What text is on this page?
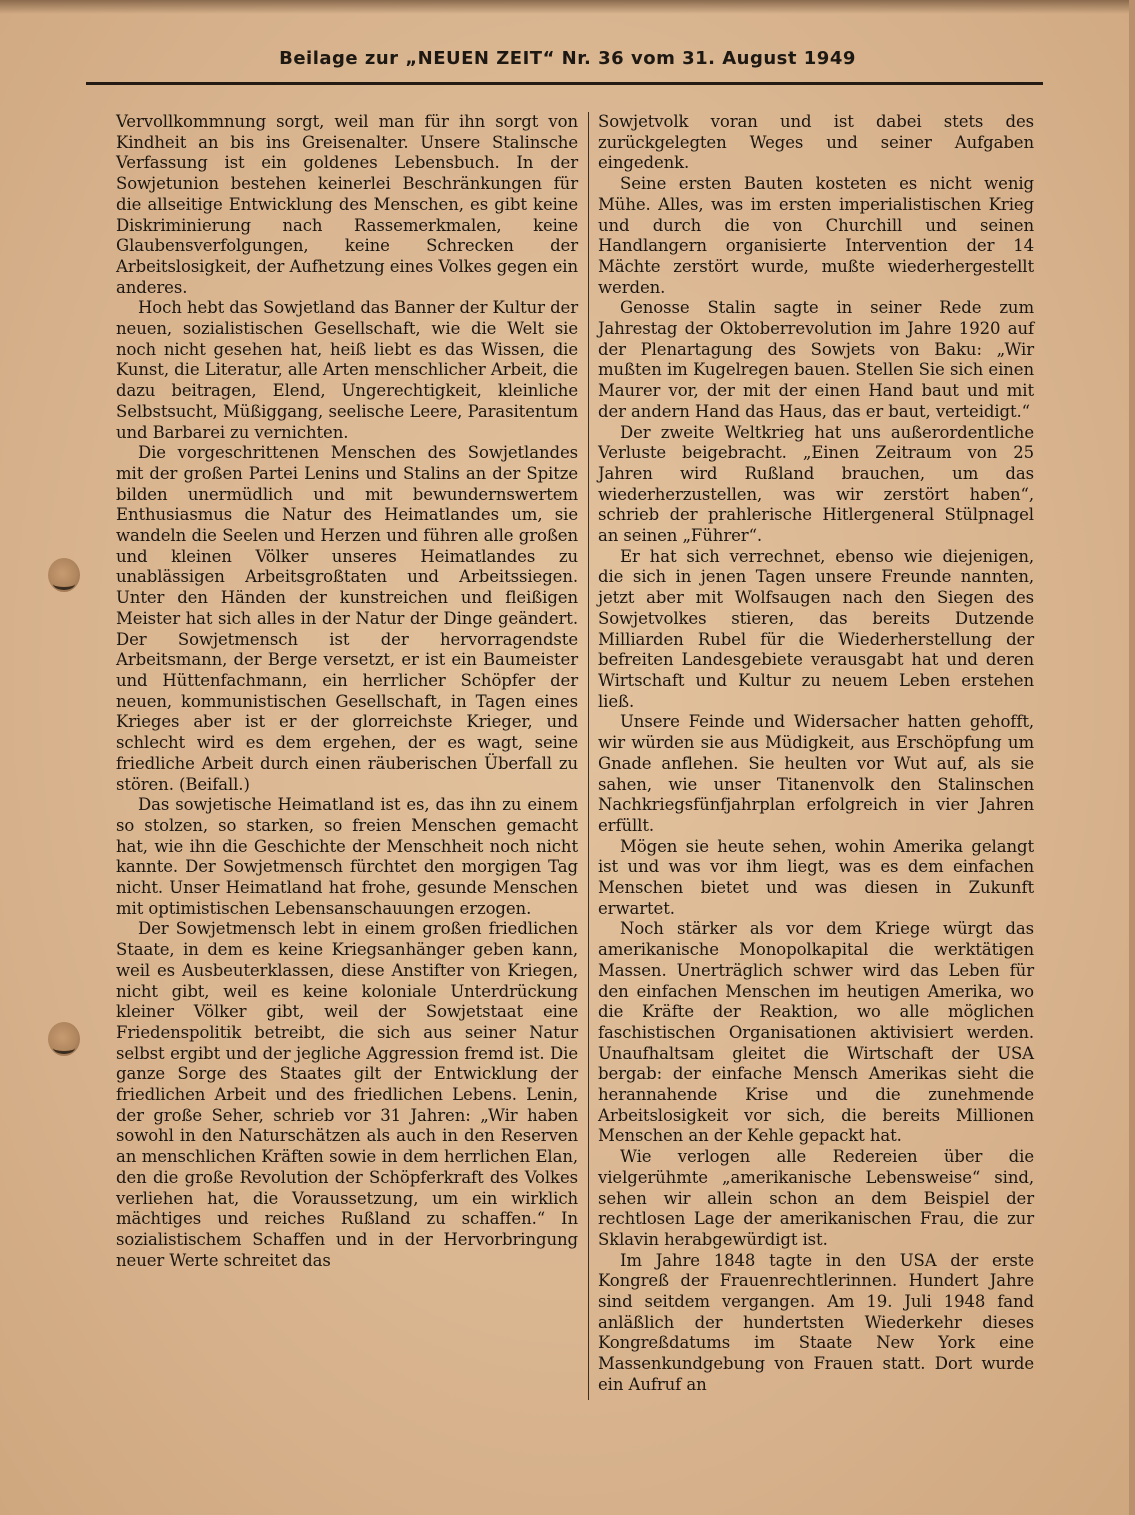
Beilage zur „NEUEN ZEIT“ Nr. 36 vom 31. August 1949

Vervollkommnung sorgt, weil man für ihn sorgt von Kindheit an bis ins Greisenalter. Unsere Stalinsche Verfassung ist ein goldenes Lebensbuch. In der Sowjetunion bestehen keinerlei Beschränkungen für die allseitige Entwicklung des Menschen, es gibt keine Diskriminierung nach Rassemerkmalen, keine Glaubensverfolgungen, keine Schrecken der Arbeitslosigkeit, der Aufhetzung eines Volkes gegen ein anderes.

Hoch hebt das Sowjetland das Banner der Kultur der neuen, sozialistischen Gesellschaft, wie die Welt sie noch nicht gesehen hat, heiß liebt es das Wissen, die Kunst, die Literatur, alle Arten menschlicher Arbeit, die dazu beitragen, Elend, Ungerechtigkeit, kleinliche Selbstsucht, Müßiggang, seelische Leere, Parasitentum und Barbarei zu vernichten.

Die vorgeschrittenen Menschen des Sowjetlandes mit der großen Partei Lenins und Stalins an der Spitze bilden unermüdlich und mit bewundernswertem Enthusiasmus die Natur des Heimatlandes um, sie wandeln die Seelen und Herzen und führen alle großen und kleinen Völker unseres Heimatlandes zu unablässigen Arbeitsgroßtaten und Arbeitssiegen. Unter den Händen der kunstreichen und fleißigen Meister hat sich alles in der Natur der Dinge geändert. Der Sowjetmensch ist der hervorragendste Arbeitsmann, der Berge versetzt, er ist ein Baumeister und Hüttenfachmann, ein herrlicher Schöpfer der neuen, kommunistischen Gesellschaft, in Tagen eines Krieges aber ist er der glorreichste Krieger, und schlecht wird es dem ergehen, der es wagt, seine friedliche Arbeit durch einen räuberischen Überfall zu stören. (Beifall.)

Das sowjetische Heimatland ist es, das ihn zu einem so stolzen, so starken, so freien Menschen gemacht hat, wie ihn die Geschichte der Menschheit noch nicht kannte. Der Sowjetmensch fürchtet den morgigen Tag nicht. Unser Heimatland hat frohe, gesunde Menschen mit optimistischen Lebensanschauungen erzogen.

Der Sowjetmensch lebt in einem großen friedlichen Staate, in dem es keine Kriegsanhänger geben kann, weil es Ausbeuterklassen, diese Anstifter von Kriegen, nicht gibt, weil es keine koloniale Unterdrückung kleiner Völker gibt, weil der Sowjetstaat eine Friedenspolitik betreibt, die sich aus seiner Natur selbst ergibt und der jegliche Aggression fremd ist. Die ganze Sorge des Staates gilt der Entwicklung der friedlichen Arbeit und des friedlichen Lebens. Lenin, der große Seher, schrieb vor 31 Jahren: „Wir haben sowohl in den Naturschätzen als auch in den Reserven an menschlichen Kräften sowie in dem herrlichen Elan, den die große Revolution der Schöpferkraft des Volkes verliehen hat, die Voraussetzung, um ein wirklich mächtiges und reiches Rußland zu schaffen.“ In sozialistischem Schaffen und in der Hervorbringung neuer Werte schreitet das

Sowjetvolk voran und ist dabei stets des zurückgelegten Weges und seiner Aufgaben eingedenk.

Seine ersten Bauten kosteten es nicht wenig Mühe. Alles, was im ersten imperialistischen Krieg und durch die von Churchill und seinen Handlangern organisierte Intervention der 14 Mächte zerstört wurde, mußte wiederhergestellt werden.

Genosse Stalin sagte in seiner Rede zum Jahrestag der Oktoberrevolution im Jahre 1920 auf der Plenartagung des Sowjets von Baku: „Wir mußten im Kugelregen bauen. Stellen Sie sich einen Maurer vor, der mit der einen Hand baut und mit der andern Hand das Haus, das er baut, verteidigt.“

Der zweite Weltkrieg hat uns außerordentliche Verluste beigebracht. „Einen Zeitraum von 25 Jahren wird Rußland brauchen, um das wiederherzustellen, was wir zerstört haben“, schrieb der prahlerische Hitlergeneral Stülpnagel an seinen „Führer“.

Er hat sich verrechnet, ebenso wie diejenigen, die sich in jenen Tagen unsere Freunde nannten, jetzt aber mit Wolfsaugen nach den Siegen des Sowjetvolkes stieren, das bereits Dutzende Milliarden Rubel für die Wiederherstellung der befreiten Landesgebiete verausgabt hat und deren Wirtschaft und Kultur zu neuem Leben erstehen ließ.

Unsere Feinde und Widersacher hatten gehofft, wir würden sie aus Müdigkeit, aus Erschöpfung um Gnade anflehen. Sie heulten vor Wut auf, als sie sahen, wie unser Titanenvolk den Stalinschen Nachkriegsfünfjahrplan erfolgreich in vier Jahren erfüllt.

Mögen sie heute sehen, wohin Amerika gelangt ist und was vor ihm liegt, was es dem einfachen Menschen bietet und was diesen in Zukunft erwartet.

Noch stärker als vor dem Kriege würgt das amerikanische Monopolkapital die werktätigen Massen. Unerträglich schwer wird das Leben für den einfachen Menschen im heutigen Amerika, wo die Kräfte der Reaktion, wo alle möglichen faschistischen Organisationen aktivisiert werden. Unaufhaltsam gleitet die Wirtschaft der USA bergab: der einfache Mensch Amerikas sieht die herannahende Krise und die zunehmende Arbeitslosigkeit vor sich, die bereits Millionen Menschen an der Kehle gepackt hat.

Wie verlogen alle Redereien über die vielgerühmte „amerikanische Lebensweise“ sind, sehen wir allein schon an dem Beispiel der rechtlosen Lage der amerikanischen Frau, die zur Sklavin herabgewürdigt ist.

Im Jahre 1848 tagte in den USA der erste Kongreß der Frauenrechtlerinnen. Hundert Jahre sind seitdem vergangen. Am 19. Juli 1948 fand anläßlich der hundertsten Wiederkehr dieses Kongreßdatums im Staate New York eine Massenkundgebung von Frauen statt. Dort wurde ein Aufruf an
